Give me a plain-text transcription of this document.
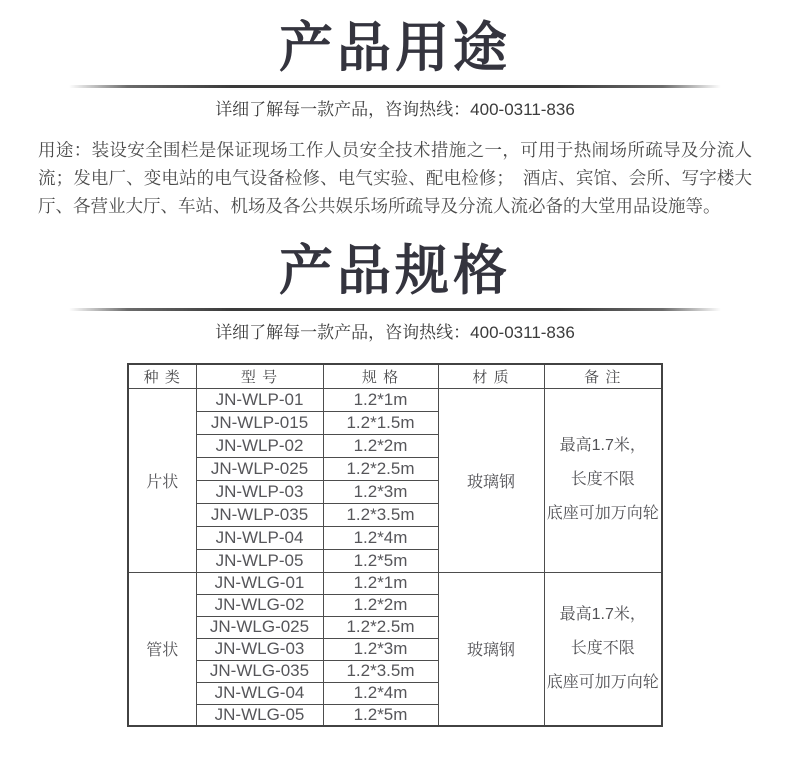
产品用途

详细了解每一款产品，咨询热线：400-0311-836

用途：装设安全围栏是保证现场工作人员安全技术措施之一，可用于热闹场所疏导及分流人流；发电厂、变电站的电气设备检修、电气实验、配电检修；　酒店、宾馆、会所、写字楼大厅、各营业大厅、车站、机场及各公共娱乐场所疏导及分流人流必备的大堂用品设施等。

产品规格

详细了解每一款产品，咨询热线：400-0311-836

种 类	型 号	规 格	材 质	备 注
片状	JN-WLP-01	1.2*1m	玻璃钢	最高1.7米，
长度不限
底座可加万向轮

	JN-WLP-015	1.2*1.5m		
	JN-WLP-02	1.2*2m		
	JN-WLP-025	1.2*2.5m		
	JN-WLP-03	1.2*3m		
	JN-WLP-035	1.2*3.5m		
	JN-WLP-04	1.2*4m		
	JN-WLP-05	1.2*5m		
管状	JN-WLG-01	1.2*1m	玻璃钢	最高1.7米，
长度不限
底座可加万向轮

	JN-WLG-02	1.2*2m		
	JN-WLG-025	1.2*2.5m		
	JN-WLG-03	1.2*3m		
	JN-WLG-035	1.2*3.5m		
	JN-WLG-04	1.2*4m		
	JN-WLG-05	1.2*5m		
